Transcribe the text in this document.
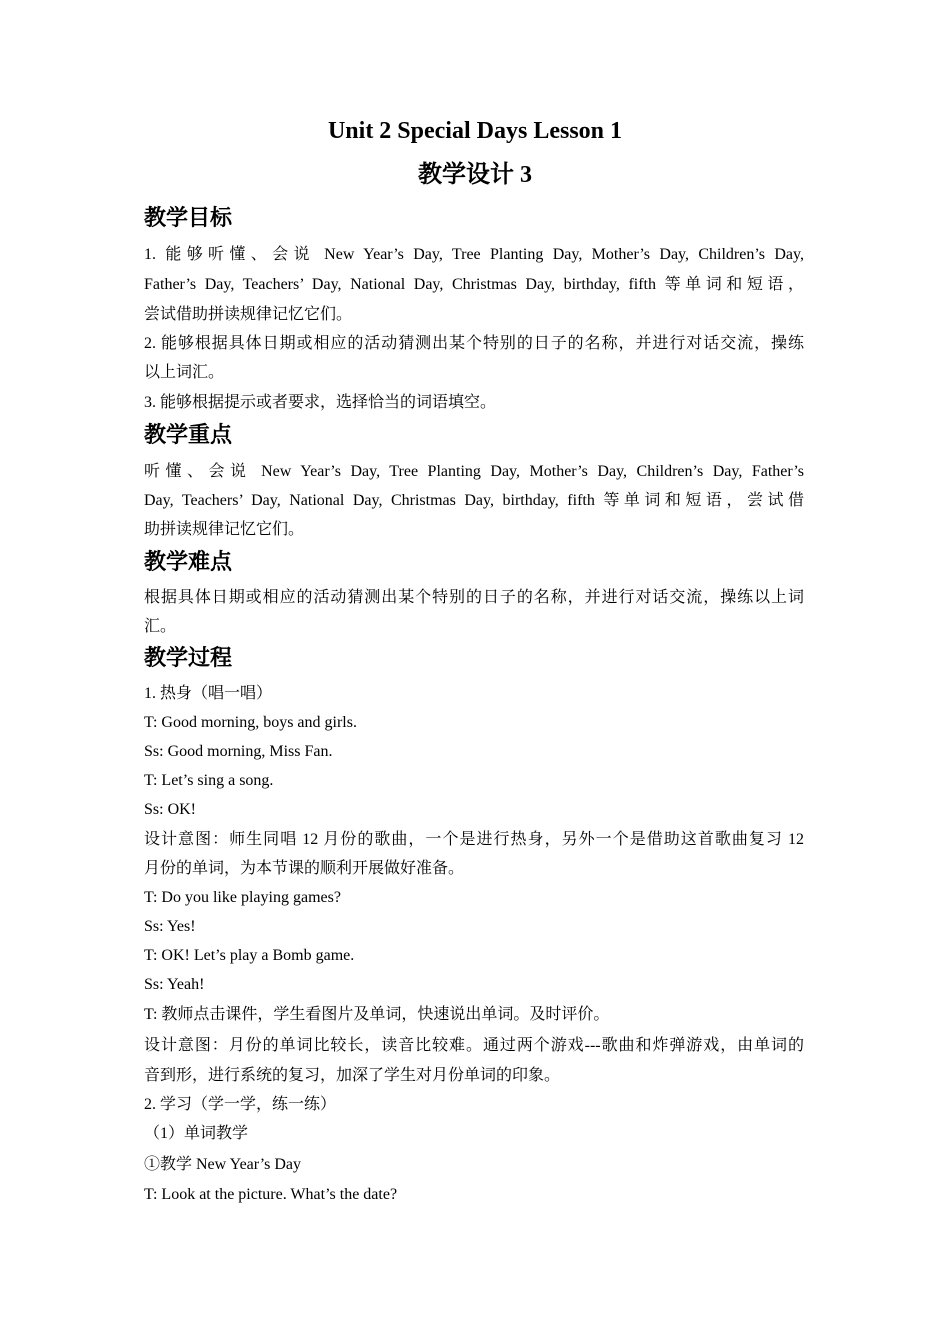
Unit 2 Special Days Lesson 1
教学设计 3
教学目标

1. 能够听懂、会说 New Year’s Day, Tree Planting Day, Mother’s Day, Children’s Day,

Father’s Day, Teachers’ Day, National Day, Christmas Day, birthday, fifth 等单词和短语，

尝试借助拼读规律记忆它们。

2. 能够根据具体日期或相应的活动猜测出某个特别的日子的名称，并进行对话交流，操练

以上词汇。

3. 能够根据提示或者要求，选择恰当的词语填空。

教学重点

听懂、会说 New Year’s Day, Tree Planting Day, Mother’s Day, Children’s Day, Father’s

Day, Teachers’ Day, National Day, Christmas Day, birthday, fifth 等单词和短语，尝试借

助拼读规律记忆它们。

教学难点

根据具体日期或相应的活动猜测出某个特别的日子的名称，并进行对话交流，操练以上词

汇。

教学过程

1. 热身（唱一唱）

T: Good morning, boys and girls.

Ss: Good morning, Miss Fan.

T: Let’s sing a song.

Ss: OK!

设计意图：师生同唱 12 月份的歌曲，一个是进行热身，另外一个是借助这首歌曲复习 12

月份的单词，为本节课的顺利开展做好准备。

T: Do you like playing games?

Ss: Yes!

T: OK! Let’s play a Bomb game.

Ss: Yeah!

T: 教师点击课件，学生看图片及单词，快速说出单词。及时评价。

设计意图：月份的单词比较长，读音比较难。通过两个游戏---歌曲和炸弹游戏，由单词的

音到形，进行系统的复习，加深了学生对月份单词的印象。

2. 学习（学一学，练一练）

（1）单词教学

①教学 New Year’s Day

T: Look at the picture. What’s the date?
